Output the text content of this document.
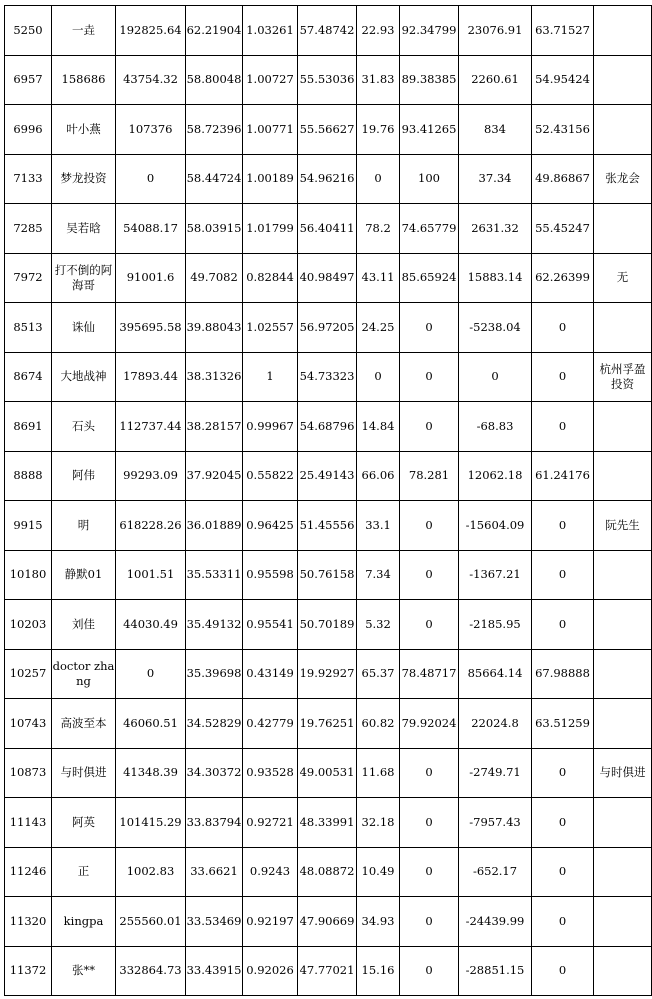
5250	一垚	192825.64	62.21904	1.03261	57.48742	22.93	92.34799	23076.91	63.71527	
6957	158686	43754.32	58.80048	1.00727	55.53036	31.83	89.38385	2260.61	54.95424	
6996	叶小燕	107376	58.72396	1.00771	55.56627	19.76	93.41265	834	52.43156	
7133	梦龙投资	0	58.44724	1.00189	54.96216	0	100	37.34	49.86867	张龙会
7285	吴若晗	54088.17	58.03915	1.01799	56.40411	78.2	74.65779	2631.32	55.45247	
7972	打不倒的阿海哥	91001.6	49.7082	0.82844	40.98497	43.11	85.65924	15883.14	62.26399	无
8513	诛仙	395695.58	39.88043	1.02557	56.97205	24.25	0	-5238.04	0	
8674	大地战神	17893.44	38.31326	1	54.73323	0	0	0	0	杭州孚盈投资
8691	石头	112737.44	38.28157	0.99967	54.68796	14.84	0	-68.83	0	
8888	阿伟	99293.09	37.92045	0.55822	25.49143	66.06	78.281	12062.18	61.24176	
9915	明	618228.26	36.01889	0.96425	51.45556	33.1	0	-15604.09	0	阮先生
10180	静默01	1001.51	35.53311	0.95598	50.76158	7.34	0	-1367.21	0	
10203	刘佳	44030.49	35.49132	0.95541	50.70189	5.32	0	-2185.95	0	
10257	doctor zhang	0	35.39698	0.43149	19.92927	65.37	78.48717	85664.14	67.98888	
10743	高波至本	46060.51	34.52829	0.42779	19.76251	60.82	79.92024	22024.8	63.51259	
10873	与时俱进	41348.39	34.30372	0.93528	49.00531	11.68	0	-2749.71	0	与时俱进
11143	阿英	101415.29	33.83794	0.92721	48.33991	32.18	0	-7957.43	0	
11246	正	1002.83	33.6621	0.9243	48.08872	10.49	0	-652.17	0	
11320	kingpa	255560.01	33.53469	0.92197	47.90669	34.93	0	-24439.99	0	
11372	张**	332864.73	33.43915	0.92026	47.77021	15.16	0	-28851.15	0	
